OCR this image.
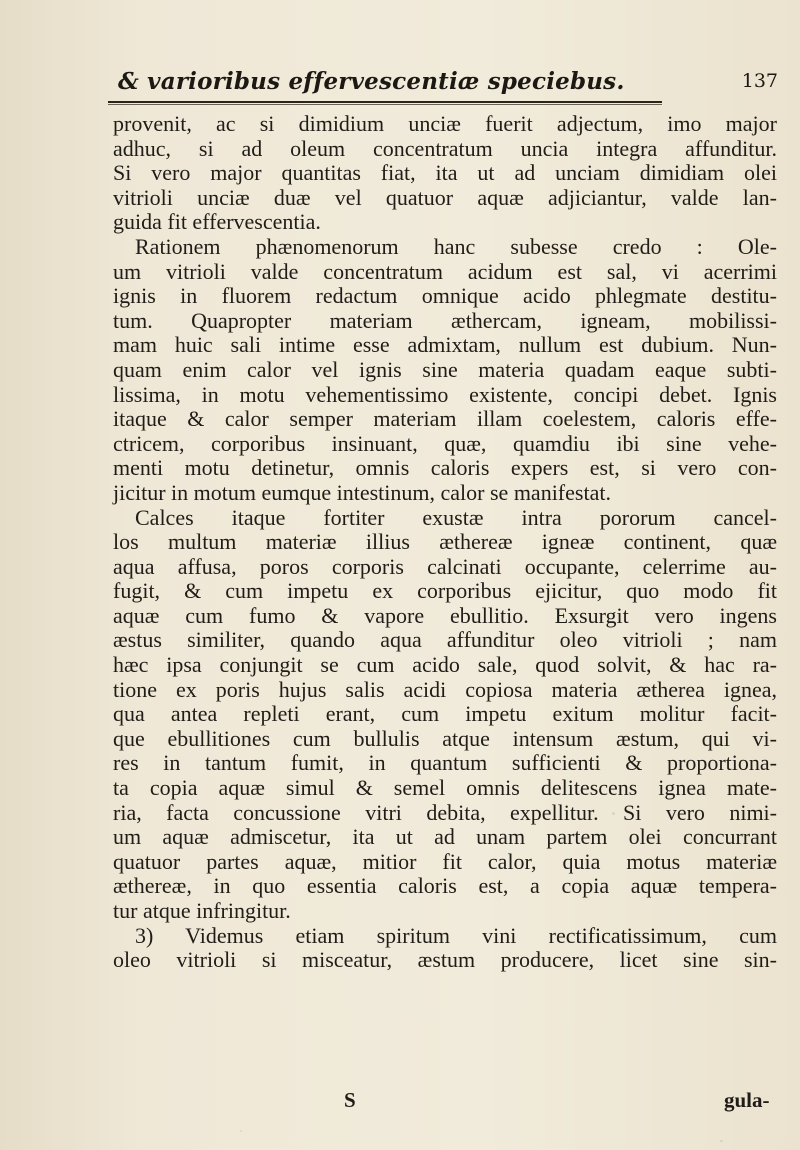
& varioribus effervescentiæ speciebus.	137
provenit, ac si dimidium unciæ fuerit adjectum, imo major
adhuc, si ad oleum concentratum uncia integra affunditur.
Si vero major quantitas fiat, ita ut ad unciam dimidiam olei
vitrioli unciæ duæ vel quatuor aquæ adjiciantur, valde lan-
guida fit effervescentia.
Rationem phænomenorum hanc subesse credo : Ole-
um vitrioli valde concentratum acidum est sal, vi acerrimi
ignis in fluorem redactum omnique acido phlegmate destitu-
tum. Quapropter materiam æthercam, igneam, mobilissi-
mam huic sali intime esse admixtam, nullum est dubium. Nun-
quam enim calor vel ignis sine materia quadam eaque subti-
lissima, in motu vehementissimo existente, concipi debet. Ignis
itaque & calor semper materiam illam coelestem, caloris effe-
ctricem, corporibus insinuant, quæ, quamdiu ibi sine vehe-
menti motu detinetur, omnis caloris expers est, si vero con-
jicitur in motum eumque intestinum, calor se manifestat.
Calces itaque fortiter exustæ intra pororum cancel-
los multum materiæ illius æthereæ igneæ continent, quæ
aqua affusa, poros corporis calcinati occupante, celerrime au-
fugit, & cum impetu ex corporibus ejicitur, quo modo fit
aquæ cum fumo & vapore ebullitio. Exsurgit vero ingens
æstus similiter, quando aqua affunditur oleo vitrioli ; nam
hæc ipsa conjungit se cum acido sale, quod solvit, & hac ra-
tione ex poris hujus salis acidi copiosa materia ætherea ignea,
qua antea repleti erant, cum impetu exitum molitur facit-
que ebullitiones cum bullulis atque intensum æstum, qui vi-
res in tantum fumit, in quantum sufficienti & proportiona-
ta copia aquæ simul & semel omnis delitescens ignea mate-
ria, facta concussione vitri debita, expellitur. Si vero nimi-
um aquæ admiscetur, ita ut ad unam partem olei concurrant
quatuor partes aquæ, mitior fit calor, quia motus materiæ
æthereæ, in quo essentia caloris est, a copia aquæ tempera-
tur atque infringitur.
3) Videmus etiam spiritum vini rectificatissimum, cum
oleo vitrioli si misceatur, æstum producere, licet sine sin-
S	gula-
